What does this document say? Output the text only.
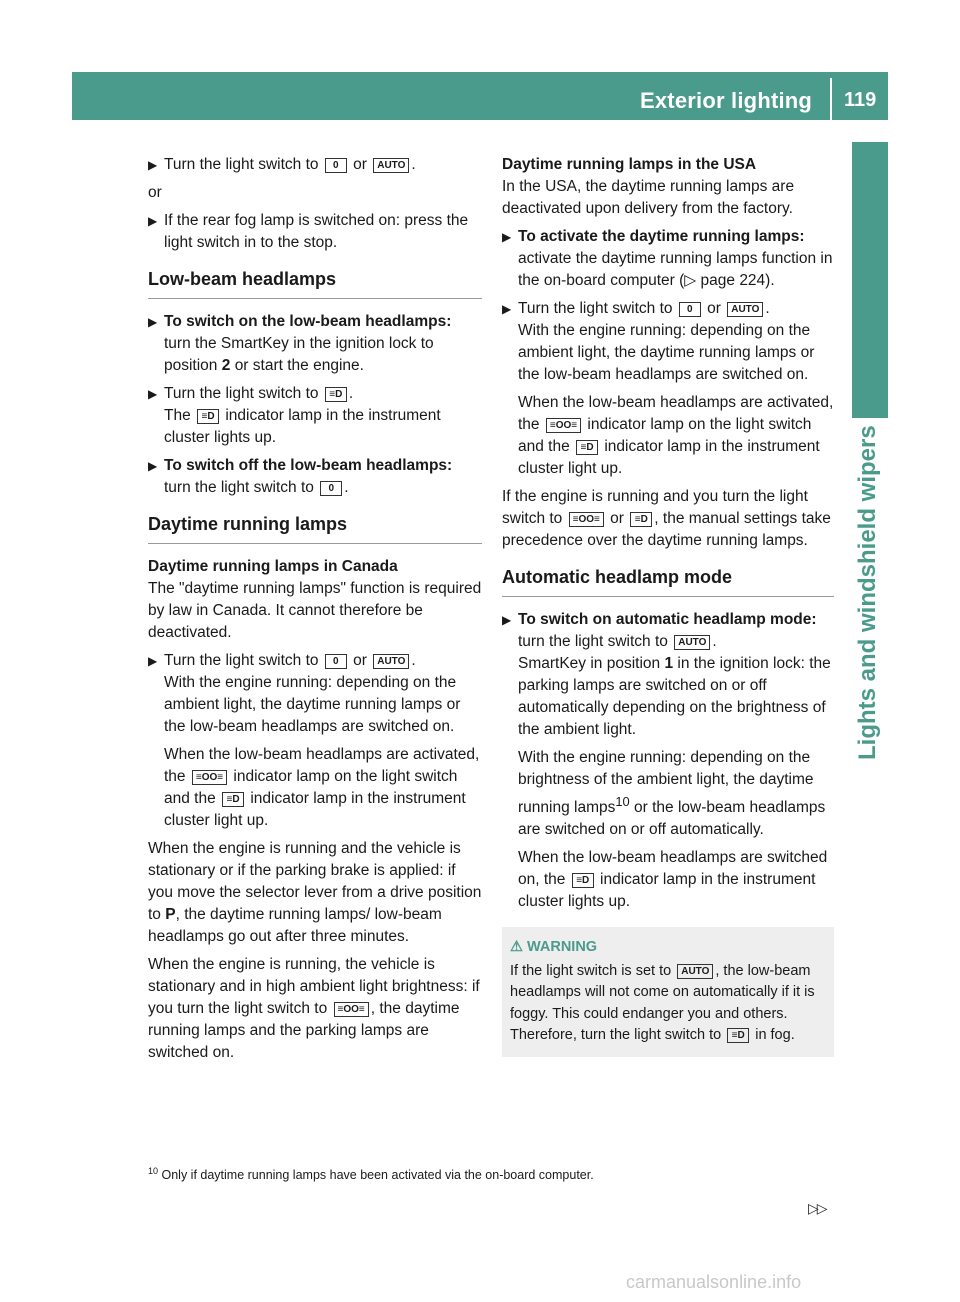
Exterior lighting 119
Lights and windshield wipers
▶ Turn the light switch to 0 or AUTO .

or

▶ If the rear fog lamp is switched on: press the light switch in to the stop.
Low-beam headlamps
▶ To switch on the low-beam headlamps: turn the SmartKey in the ignition lock to position 2 or start the engine.
▶ Turn the light switch to ≡D .
The ≡D indicator lamp in the instrument cluster lights up.
▶ To switch off the low-beam headlamps: turn the light switch to 0 .
Daytime running lamps
Daytime running lamps in Canada

The "daytime running lamps" function is required by law in Canada. It cannot therefore be deactivated.

▶ Turn the light switch to 0 or AUTO .
With the engine running: depending on the ambient light, the daytime running lamps or the low-beam headlamps are switched on.
When the low-beam headlamps are activated, the ≡OO≡ indicator lamp on the light switch and the ≡D indicator lamp in the instrument cluster light up.

When the engine is running and the vehicle is stationary or if the parking brake is applied: if you move the selector lever from a drive position to P, the daytime running lamps/ low-beam headlamps go out after three minutes.

When the engine is running, the vehicle is stationary and in high ambient light brightness: if you turn the light switch to ≡OO≡ , the daytime running lamps and the parking lamps are switched on.

Daytime running lamps in the USA

In the USA, the daytime running lamps are deactivated upon delivery from the factory.

▶ To activate the daytime running lamps: activate the daytime running lamps function in the on-board computer (▷ page 224).
▶ Turn the light switch to 0 or AUTO .
With the engine running: depending on the ambient light, the daytime running lamps or the low-beam headlamps are switched on.
When the low-beam headlamps are activated, the ≡OO≡ indicator lamp on the light switch and the ≡D indicator lamp in the instrument cluster light up.

If the engine is running and you turn the light switch to ≡OO≡ or ≡D , the manual settings take precedence over the daytime running lamps.

Automatic headlamp mode
▶ To switch on automatic headlamp mode: turn the light switch to AUTO .
SmartKey in position 1 in the ignition lock: the parking lamps are switched on or off automatically depending on the brightness of the ambient light.
With the engine running: depending on the brightness of the ambient light, the daytime running lamps$^{10}$ or the low-beam headlamps are switched on or off automatically.
When the low-beam headlamps are switched on, the ≡D indicator lamp in the instrument cluster lights up.
⚠ WARNING
If the light switch is set to AUTO , the low-beam headlamps will not come on automatically if it is foggy. This could endanger you and others. Therefore, turn the light switch to ≡D in fog.
$^{10}$ Only if daytime running lamps have been activated via the on-board computer.
▷▷
carmanualsonline.info
